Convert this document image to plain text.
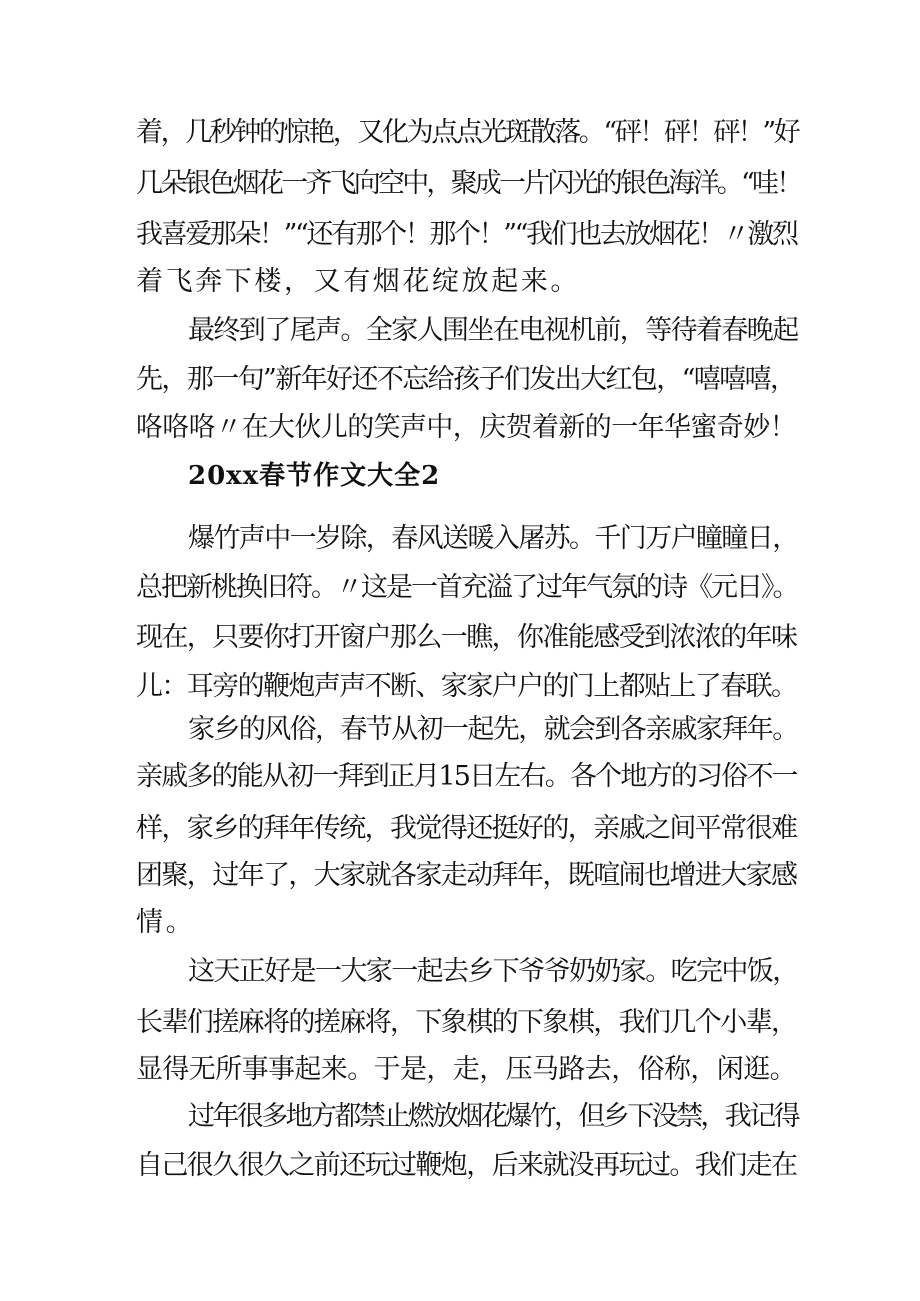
着，几秒钟的惊艳，又化为点点光斑散落。“砰！砰！砰！”好
几朵银色烟花一齐飞向空中，聚成一片闪光的银色海洋。“哇！
我喜爱那朵！”“还有那个！那个！”“我们也去放烟花！〃激烈
着飞奔下楼，又有烟花绽放起来。
最终到了尾声。全家人围坐在电视机前，等待着春晚起
先，那一句”新年好还不忘给孩子们发出大红包，“嘻嘻嘻，
咯咯咯〃在大伙儿的笑声中，庆贺着新的一年华蜜奇妙！
20xx春节作文大全2
爆竹声中一岁除，春风送暖入屠苏。千门万户瞳瞳日，
总把新桃换旧符。〃这是一首充溢了过年气氛的诗《元日》。
现在，只要你打开窗户那么一瞧，你准能感受到浓浓的年味
儿：耳旁的鞭炮声声不断、家家户户的门上都贴上了春联。
家乡的风俗，春节从初一起先，就会到各亲戚家拜年。
亲戚多的能从初一拜到正月15日左右。各个地方的习俗不一
样，家乡的拜年传统，我觉得还挺好的，亲戚之间平常很难
团聚，过年了，大家就各家走动拜年，既喧闹也增进大家感
情。
这天正好是一大家一起去乡下爷爷奶奶家。吃完中饭，
长辈们搓麻将的搓麻将，下象棋的下象棋，我们几个小辈，
显得无所事事起来。于是，走，压马路去，俗称，闲逛。
过年很多地方都禁止燃放烟花爆竹，但乡下没禁，我记得
自己很久很久之前还玩过鞭炮，后来就没再玩过。我们走在
